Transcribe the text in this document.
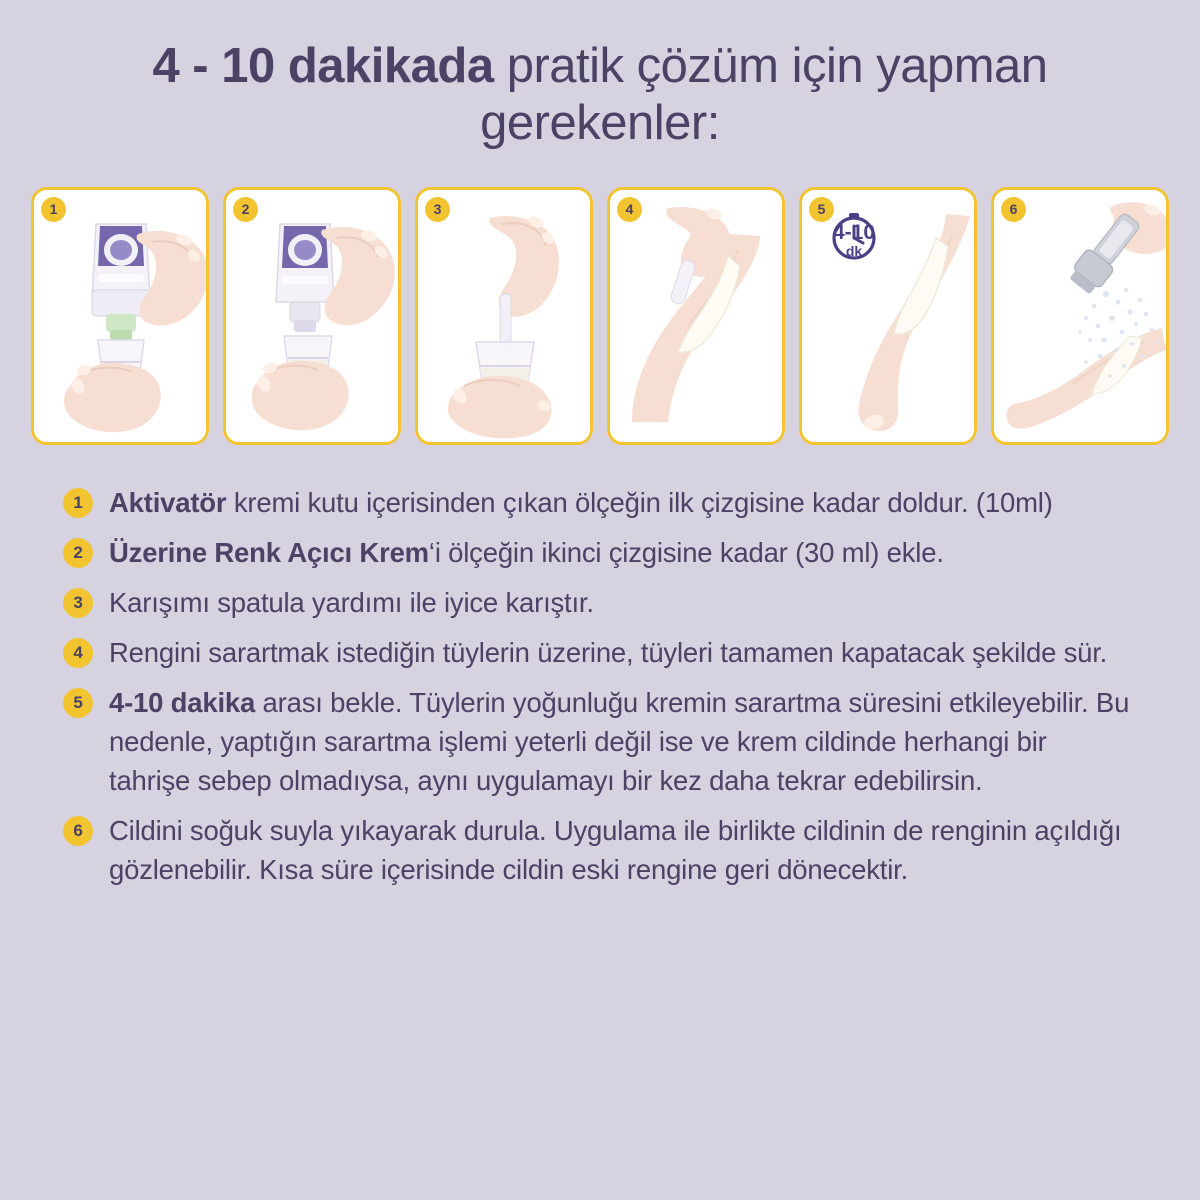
4 - 10 dakikada pratik çözüm için yapman gerekenler:
1	2	3	4	5
4-10
dk
6
1 Aktivatör kremi kutu içerisinden çıkan ölçeğin ilk çizgisine kadar doldur. (10ml)
2 Üzerine Renk Açıcı Krem‘i ölçeğin ikinci çizgisine kadar (30 ml) ekle.
3 Karışımı spatula yardımı ile iyice karıştır.
4 Rengini sarartmak istediğin tüylerin üzerine, tüyleri tamamen kapatacak şekilde sür.
5 4-10 dakika arası bekle. Tüylerin yoğunluğu kremin sarartma süresini etkileyebilir. Bu nedenle, yaptığın sarartma işlemi yeterli değil ise ve krem cildinde herhangi bir tahrişe sebep olmadıysa, aynı uygulamayı bir kez daha tekrar edebilirsin.
6 Cildini soğuk suyla yıkayarak durula. Uygulama ile birlikte cildinin de renginin açıldığı gözlenebilir. Kısa süre içerisinde cildin eski rengine geri dönecektir.
